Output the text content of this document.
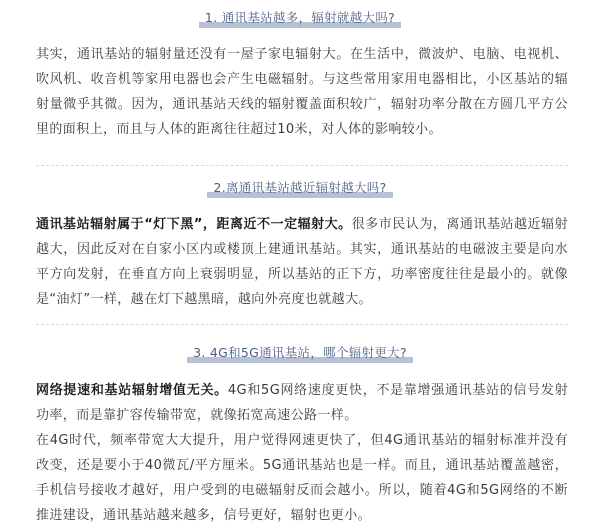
1. 通讯基站越多，辐射就越大吗?

其实，通讯基站的辐射量还没有一屋子家电辐射大。在生活中，微波炉、电脑、电视机、吹风机、收音机等家用电器也会产生电磁辐射。与这些常用家用电器相比，小区基站的辐射量微乎其微。因为，通讯基站天线的辐射覆盖面积较广，辐射功率分散在方圆几平方公里的面积上，而且与人体的距离往往超过10米，对人体的影响较小。

2.离通讯基站越近辐射越大吗?

通讯基站辐射属于“灯下黑”，距离近不一定辐射大。很多市民认为，离通讯基站越近辐射越大，因此反对在自家小区内或楼顶上建通讯基站。其实，通讯基站的电磁波主要是向水平方向发射，在垂直方向上衰弱明显，所以基站的正下方，功率密度往往是最小的。就像是“油灯”一样，越在灯下越黑暗，越向外亮度也就越大。

3. 4G和5G通讯基站，哪个辐射更大?

网络提速和基站辐射增值无关。4G和5G网络速度更快，不是靠增强通讯基站的信号发射功率，而是靠扩容传输带宽，就像拓宽高速公路一样。

在4G时代，频率带宽大大提升，用户觉得网速更快了，但4G通讯基站的辐射标准并没有改变，还是要小于40微瓦/平方厘米。5G通讯基站也是一样。而且，通讯基站覆盖越密，手机信号接收才越好，用户受到的电磁辐射反而会越小。所以，随着4G和5G网络的不断推进建设，通讯基站越来越多，信号更好，辐射也更小。
